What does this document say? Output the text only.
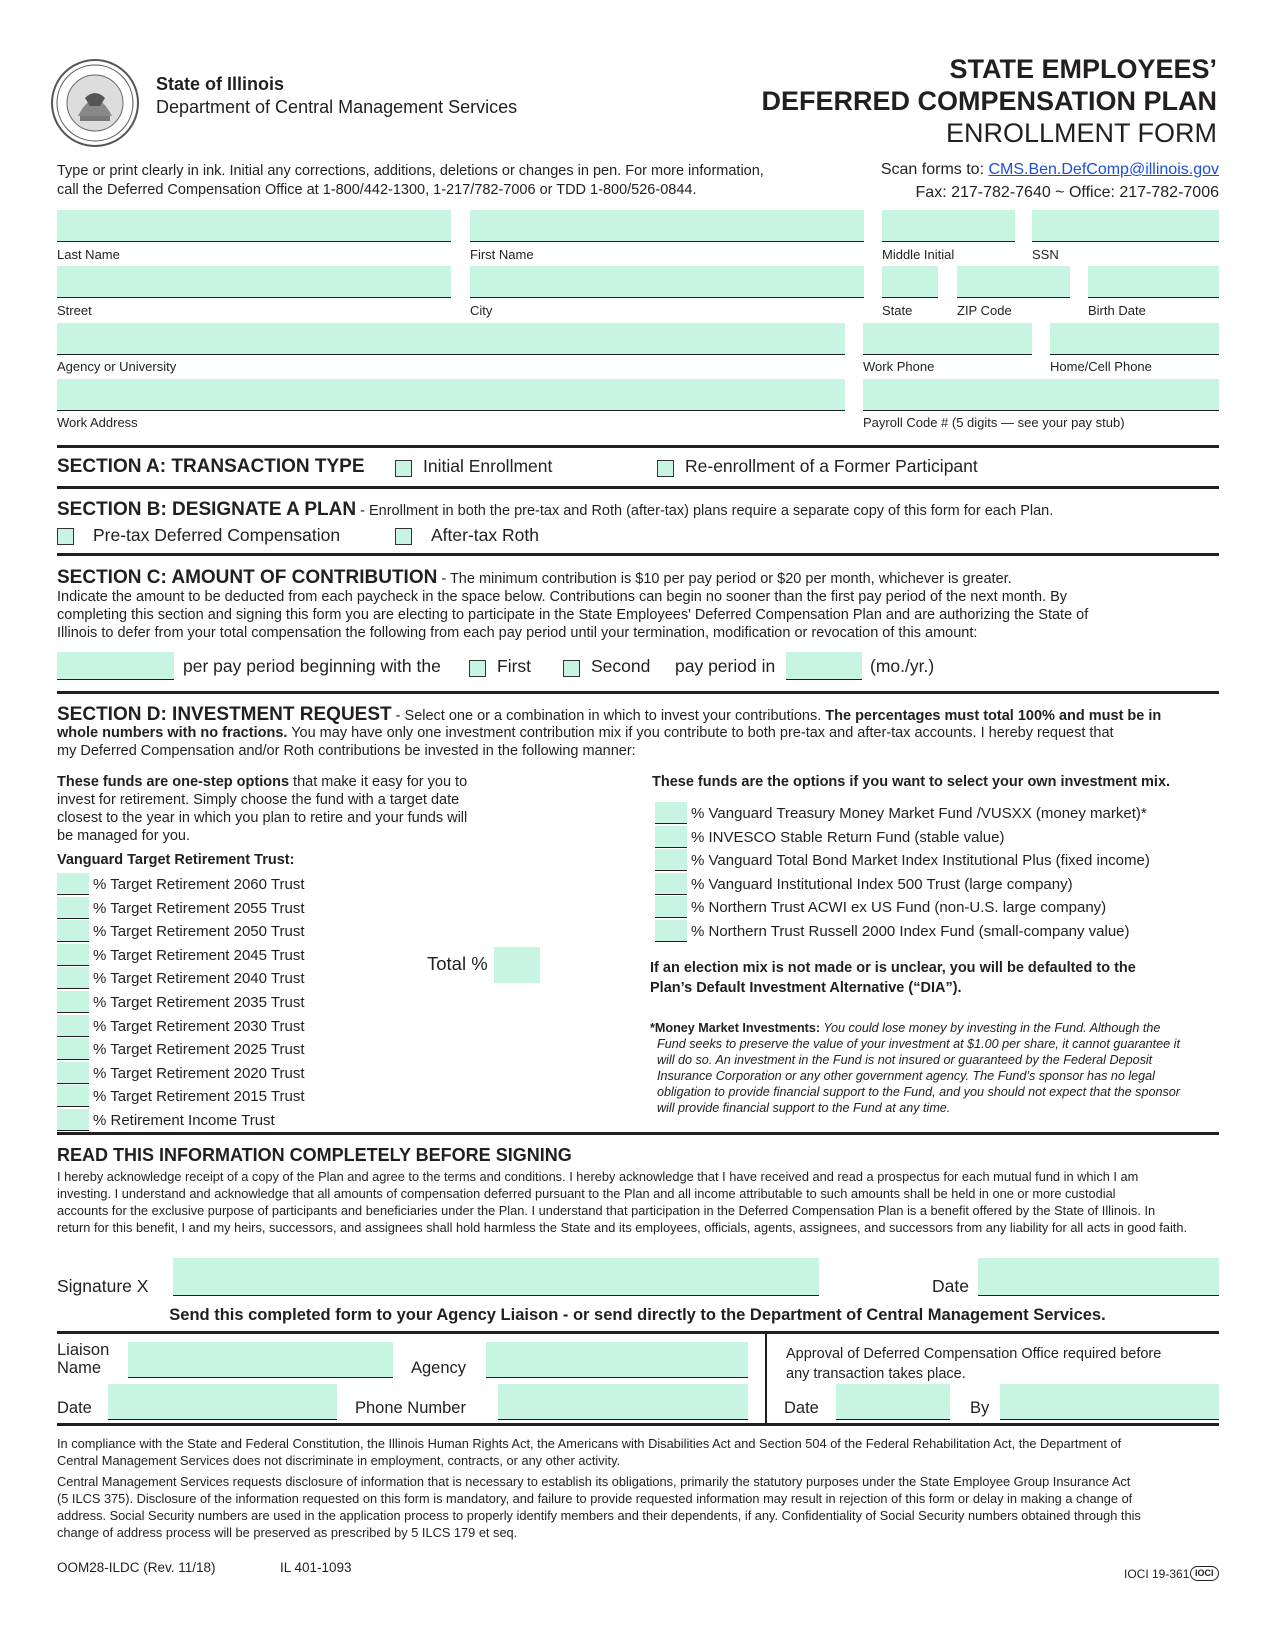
State of Illinois
Department of Central Management Services
STATE EMPLOYEES’
DEFERRED COMPENSATION PLAN
ENROLLMENT FORM
Type or print clearly in ink. Initial any corrections, additions, deletions or changes in pen. For more information,
call the Deferred Compensation Office at 1-800/442-1300, 1-217/782-7006 or TDD 1-800/526-0844.
Scan forms to: CMS.Ben.DefComp@illinois.gov
Fax: 217-782-7640 ~ Office: 217-782-7006
Last Name	First Name	Middle Initial	SSN
Street	City	State	ZIP Code	Birth Date
Agency or University	Work Phone	Home/Cell Phone
Work Address	Payroll Code # (5 digits — see your pay stub)
SECTION A: TRANSACTION TYPE	Initial Enrollment	Re-enrollment of a Former Participant
SECTION B: DESIGNATE A PLAN - Enrollment in both the pre-tax and Roth (after-tax) plans require a separate copy of this form for each Plan.
Pre-tax Deferred Compensation	After-tax Roth
SECTION C: AMOUNT OF CONTRIBUTION - The minimum contribution is $10 per pay period or $20 per month, whichever is greater.
Indicate the amount to be deducted from each paycheck in the space below. Contributions can begin no sooner than the first pay period of the next month. By
completing this section and signing this form you are electing to participate in the State Employees' Deferred Compensation Plan and are authorizing the State of
Illinois to defer from your total compensation the following from each pay period until your termination, modification or revocation of this amount:
per pay period beginning with the	First	Second pay period in	(mo./yr.)
SECTION D: INVESTMENT REQUEST - Select one or a combination in which to invest your contributions. The percentages must total 100% and must be in
whole numbers with no fractions. You may have only one investment contribution mix if you contribute to both pre-tax and after-tax accounts. I hereby request that
my Deferred Compensation and/or Roth contributions be invested in the following manner:
These funds are one-step options that make it easy for you to
invest for retirement. Simply choose the fund with a target date
closest to the year in which you plan to retire and your funds will
be managed for you.
Vanguard Target Retirement Trust:
% Target Retirement 2060 Trust
% Target Retirement 2055 Trust
% Target Retirement 2050 Trust
% Target Retirement 2045 Trust
% Target Retirement 2040 Trust
% Target Retirement 2035 Trust
% Target Retirement 2030 Trust
% Target Retirement 2025 Trust
% Target Retirement 2020 Trust
% Target Retirement 2015 Trust
% Retirement Income Trust
Total %
These funds are the options if you want to select your own investment mix.
% Vanguard Treasury Money Market Fund /VUSXX (money market)*
% INVESCO Stable Return Fund (stable value)
% Vanguard Total Bond Market Index Institutional Plus (fixed income)
% Vanguard Institutional Index 500 Trust (large company)
% Northern Trust ACWI ex US Fund (non-U.S. large company)
% Northern Trust Russell 2000 Index Fund (small-company value)
If an election mix is not made or is unclear, you will be defaulted to the
Plan’s Default Investment Alternative (“DIA”).
*Money Market Investments: You could lose money by investing in the Fund. Although the
Fund seeks to preserve the value of your investment at $1.00 per share, it cannot guarantee it
will do so. An investment in the Fund is not insured or guaranteed by the Federal Deposit
Insurance Corporation or any other government agency. The Fund’s sponsor has no legal
obligation to provide financial support to the Fund, and you should not expect that the sponsor
will provide financial support to the Fund at any time.
READ THIS INFORMATION COMPLETELY BEFORE SIGNING
I hereby acknowledge receipt of a copy of the Plan and agree to the terms and conditions. I hereby acknowledge that I have received and read a prospectus for each mutual fund in which I am
investing. I understand and acknowledge that all amounts of compensation deferred pursuant to the Plan and all income attributable to such amounts shall be held in one or more custodial
accounts for the exclusive purpose of participants and beneficiaries under the Plan. I understand that participation in the Deferred Compensation Plan is a benefit offered by the State of Illinois. In
return for this benefit, I and my heirs, successors, and assignees shall hold harmless the State and its employees, officials, agents, assignees, and successors from any liability for all acts in good faith.
Signature X	Date
Send this completed form to your Agency Liaison - or send directly to the Department of Central Management Services.
Liaison
Name	Agency
Approval of Deferred Compensation Office required before
any transaction takes place.
Date	Phone Number	Date	By
In compliance with the State and Federal Constitution, the Illinois Human Rights Act, the Americans with Disabilities Act and Section 504 of the Federal Rehabilitation Act, the Department of
Central Management Services does not discriminate in employment, contracts, or any other activity.
Central Management Services requests disclosure of information that is necessary to establish its obligations, primarily the statutory purposes under the State Employee Group Insurance Act
(5 ILCS 375). Disclosure of the information requested on this form is mandatory, and failure to provide requested information may result in rejection of this form or delay in making a change of
address. Social Security numbers are used in the application process to properly identify members and their dependents, if any. Confidentiality of Social Security numbers obtained through this
change of address process will be preserved as prescribed by 5 ILCS 179 et seq.
OOM28-ILDC (Rev. 11/18)	IL 401-1093	IOCI 19-361 IOCI
